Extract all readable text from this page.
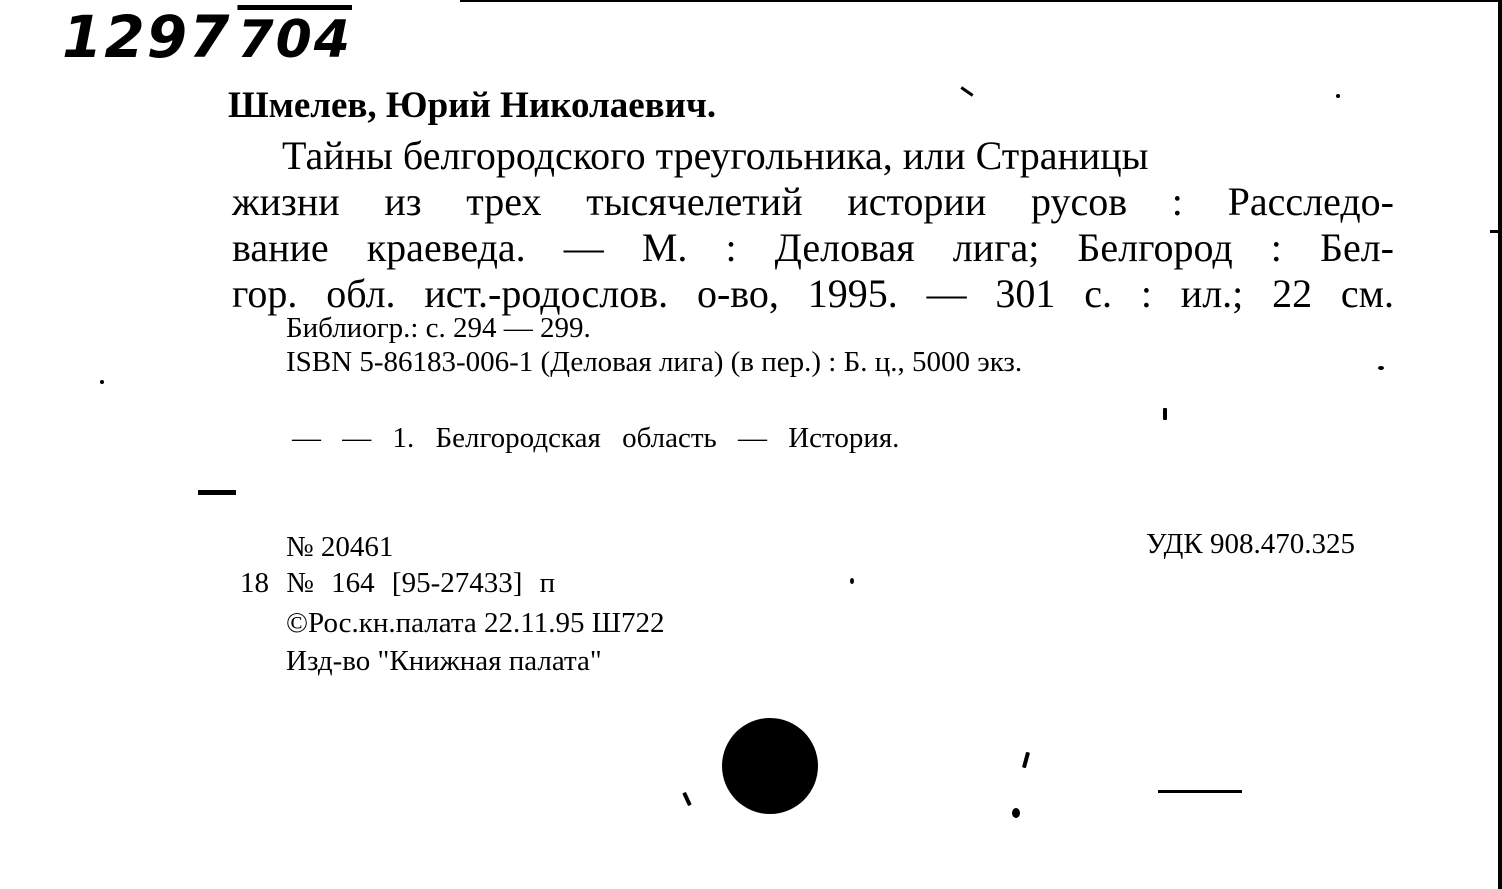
1297 704
Шмелев, Юрий Николаевич.

Тайны белгородского треугольника, или Страницы

жизни из трех тысячелетий истории русов : Расследо-

вание краеведа. — М. : Деловая лига; Белгород : Бел-

гор. обл. ист.-родослов. о-во, 1995. — 301 с. : ил.; 22 см.

Библиогр.: с. 294 — 299.

ISBN 5-86183-006-1 (Деловая лига) (в пер.) : Б. ц., 5000 экз.

— — 1. Белгородская область — История.

№ 20461	УДК 908.470.325

18 № 164 [95-27433] п

©Рос.кн.палата 22.11.95 Ш722

Изд-во "Книжная палата"
